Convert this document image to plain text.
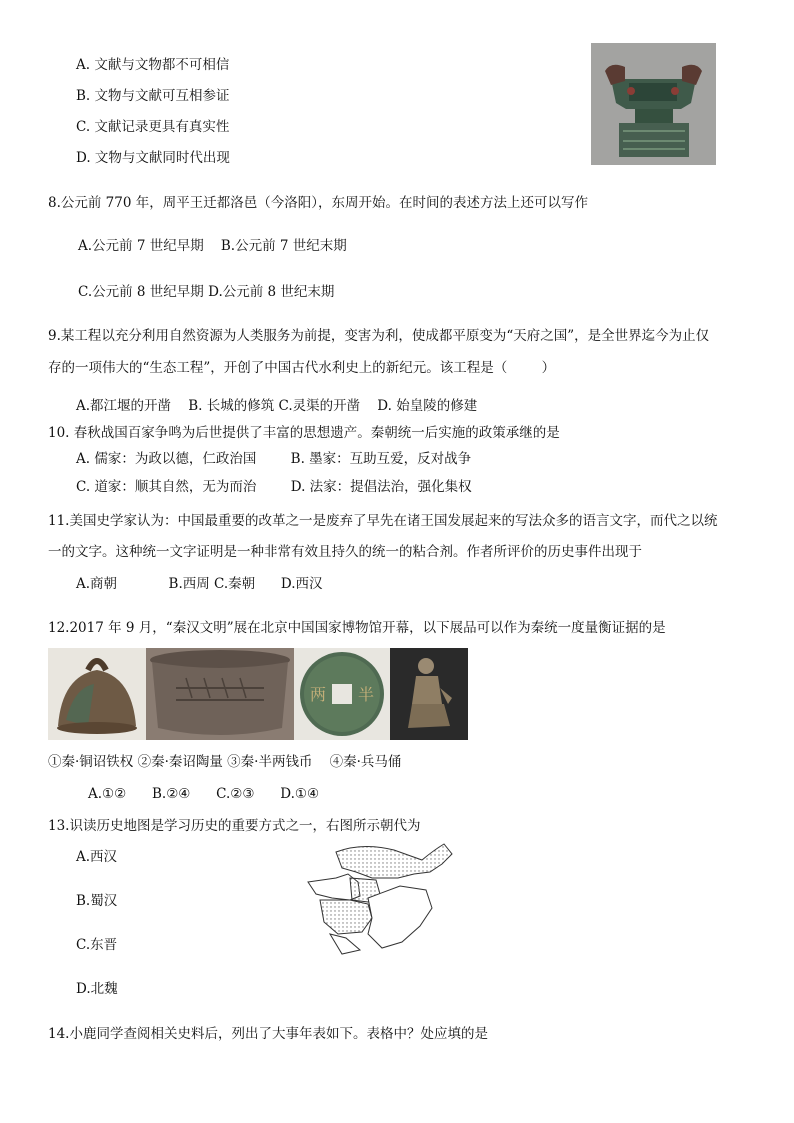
A. 文献与文物都不可相信
B. 文物与文献可互相参证
C. 文献记录更具有真实性
D. 文物与文献同时代出现
8.公元前 770 年，周平王迁都洛邑（今洛阳），东周开始。在时间的表述方法上还可以写作
A.公元前 7 世纪早期    B.公元前 7 世纪末期
C.公元前 8 世纪早期 D.公元前 8 世纪末期
9.某工程以充分利用自然资源为人类服务为前提，变害为利，使成都平原变为“天府之国”，是全世界迄今为止仅
存的一项伟大的“生态工程”，开创了中国古代水利史上的新纪元。该工程是（        ）
A.都江堰的开凿    B. 长城的修筑 C.灵渠的开凿    D. 始皇陵的修建
10. 春秋战国百家争鸣为后世提供了丰富的思想遗产。秦朝统一后实施的政策承继的是
A. 儒家：为政以德，仁政治国        B. 墨家：互助互爱，反对战争
C. 道家：顺其自然，无为而治        D. 法家：提倡法治，强化集权
11.美国史学家认为：中国最重要的改革之一是废弃了早先在诸王国发展起来的写法众多的语言文字，而代之以统
一的文字。这种统一文字证明是一种非常有效且持久的统一的粘合剂。作者所评价的历史事件出现于
A.商朝            B.西周 C.秦朝      D.西汉
12.2017 年 9 月，“秦汉文明”展在北京中国国家博物馆开幕，以下展品可以作为秦统一度量衡证据的是
两 半
①秦·铜诏铁权 ②秦·秦诏陶量 ③秦·半两钱币    ④秦·兵马俑
A.①②      B.②④      C.②③      D.①④
13.识读历史地图是学习历史的重要方式之一，右图所示朝代为
A.西汉
B.蜀汉
C.东晋
D.北魏
14.小鹿同学查阅相关史料后，列出了大事年表如下。表格中？处应填的是
